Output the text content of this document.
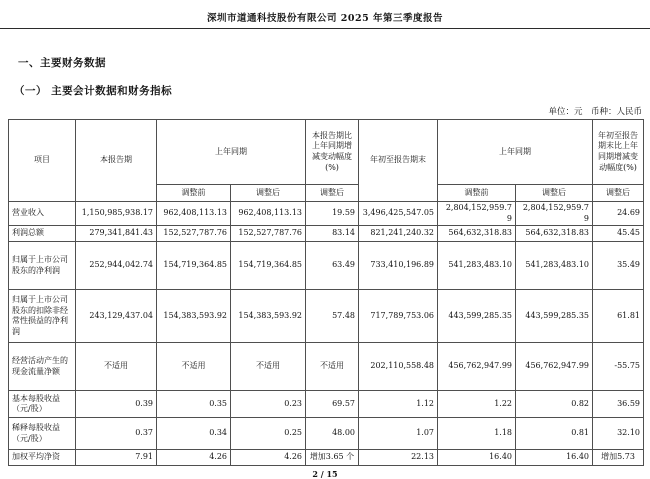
深圳市道通科技股份有限公司 2025 年第三季度报告
一、主要财务数据
（一） 主要会计数据和财务指标
单位：元　币种：人民币
项目	本报告期	上年同期		本报告期比上年同期增减变动幅度(%)	年初至报告期末	上年同期		年初至报告期末比上年同期增减变动幅度(%)
		调整前	调整后	调整后		调整前	调整后	调整后
营业收入	1,150,985,938.17	962,408,113.13	962,408,113.13	19.59	3,496,425,547.05	2,804,152,959.79	2,804,152,959.79	24.69
利润总额	279,341,841.43	152,527,787.76	152,527,787.76	83.14	821,241,240.32	564,632,318.83	564,632,318.83	45.45
归属于上市公司股东的净利润	252,944,042.74	154,719,364.85	154,719,364.85	63.49	733,410,196.89	541,283,483.10	541,283,483.10	35.49
归属于上市公司股东的扣除非经常性损益的净利润	243,129,437.04	154,383,593.92	154,383,593.92	57.48	717,789,753.06	443,599,285.35	443,599,285.35	61.81
经营活动产生的现金流量净额	不适用	不适用	不适用	不适用	202,110,558.48	456,762,947.99	456,762,947.99	-55.75
基本每股收益（元/股）	0.39	0.35	0.23	69.57	1.12	1.22	0.82	36.59
稀释每股收益（元/股）	0.37	0.34	0.25	48.00	1.07	1.18	0.81	32.10
加权平均净资	7.91	4.26	4.26	增加3.65 个	22.13	16.40	16.40	增加5.73
2 / 15
